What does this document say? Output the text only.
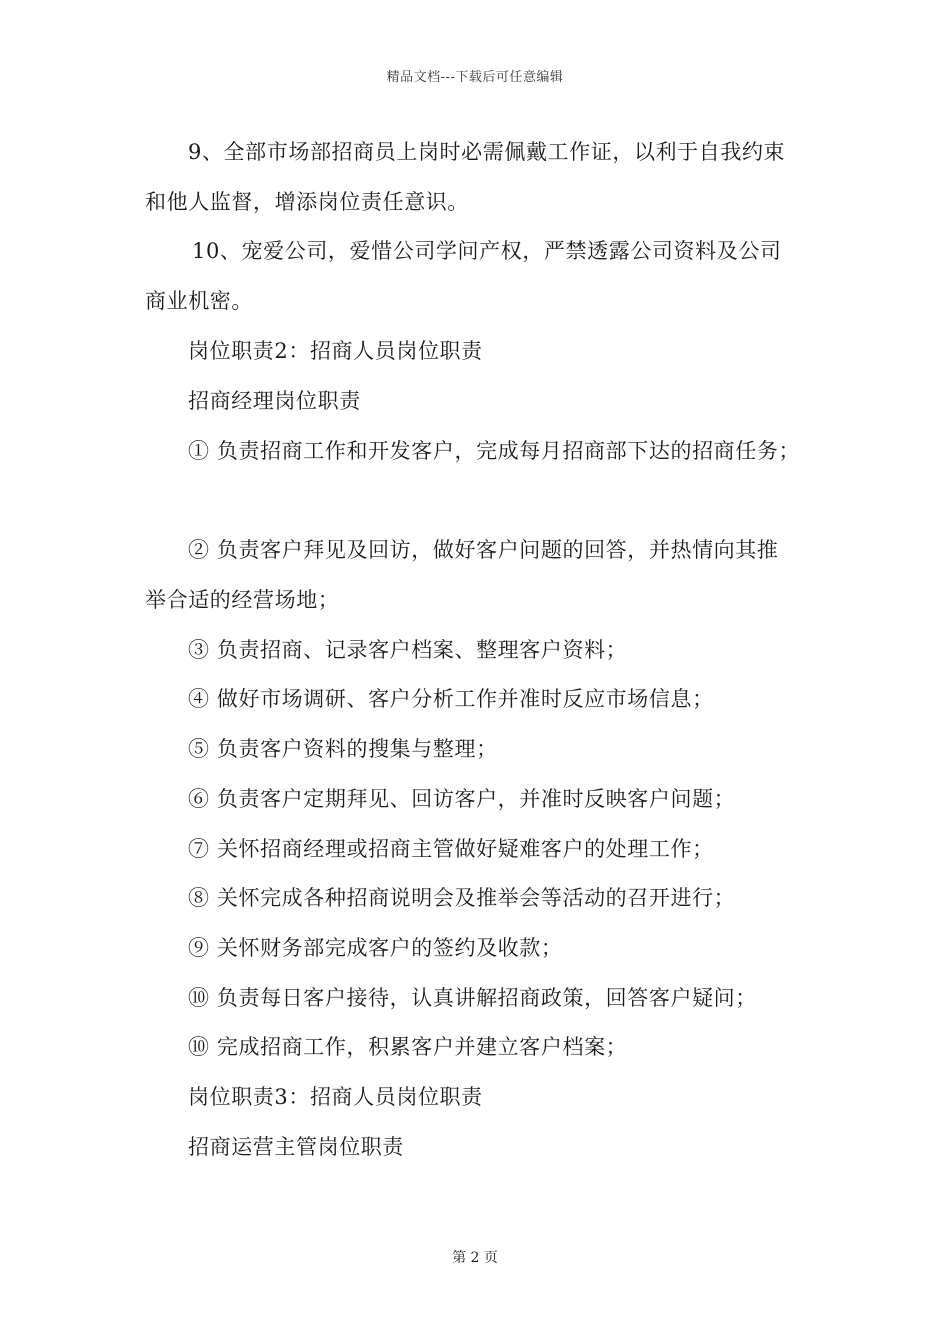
精品文档---下载后可任意编辑
9、全部市场部招商员上岗时必需佩戴工作证，以利于自我约束
和他人监督，增添岗位责任意识。
10、宠爱公司，爱惜公司学问产权，严禁透露公司资料及公司
商业机密。
岗位职责2：招商人员岗位职责
招商经理岗位职责
① 负责招商工作和开发客户，完成每月招商部下达的招商任务；
② 负责客户拜见及回访，做好客户问题的回答，并热情向其推
举合适的经营场地；
③ 负责招商、记录客户档案、整理客户资料；
④ 做好市场调研、客户分析工作并准时反应市场信息；
⑤ 负责客户资料的搜集与整理；
⑥ 负责客户定期拜见、回访客户，并准时反映客户问题；
⑦ 关怀招商经理或招商主管做好疑难客户的处理工作；
⑧ 关怀完成各种招商说明会及推举会等活动的召开进行；
⑨ 关怀财务部完成客户的签约及收款；
⑩ 负责每日客户接待，认真讲解招商政策，回答客户疑问；
⑩ 完成招商工作，积累客户并建立客户档案；
岗位职责3：招商人员岗位职责
招商运营主管岗位职责
第 2 页
